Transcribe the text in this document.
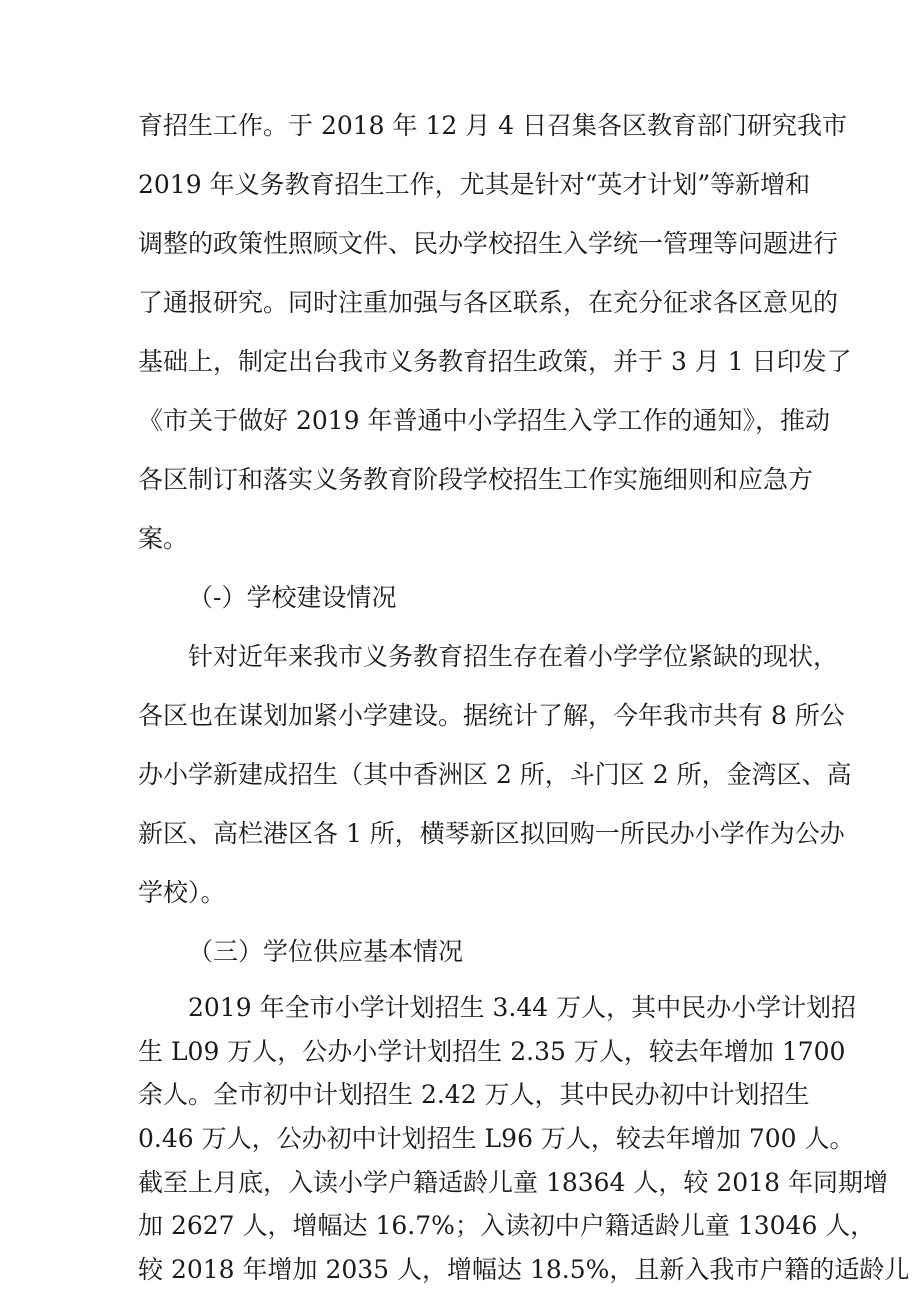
育招生工作。于 2018 年 12 月 4 日召集各区教育部门研究我市
2019 年义务教育招生工作，尤其是针对“英才计划”等新增和
调整的政策性照顾文件、民办学校招生入学统一管理等问题进行
了通报研究。同时注重加强与各区联系，在充分征求各区意见的
基础上，制定出台我市义务教育招生政策，并于 3 月 1 日印发了
《市关于做好 2019 年普通中小学招生入学工作的通知》，推动
各区制订和落实义务教育阶段学校招生工作实施细则和应急方
案。
（-）学校建设情况
针对近年来我市义务教育招生存在着小学学位紧缺的现状，
各区也在谋划加紧小学建设。据统计了解，今年我市共有 8 所公
办小学新建成招生（其中香洲区 2 所，斗门区 2 所，金湾区、高
新区、高栏港区各 1 所，横琴新区拟回购一所民办小学作为公办
学校）。
（三）学位供应基本情况
2019 年全市小学计划招生 3.44 万人，其中民办小学计划招
生 L09 万人，公办小学计划招生 2.35 万人，较去年增加 1700
余人。全市初中计划招生 2.42 万人，其中民办初中计划招生
0.46 万人，公办初中计划招生 L96 万人，较去年增加 700 人。
截至上月底，入读小学户籍适龄儿童 18364 人，较 2018 年同期增
加 2627 人，增幅达 16.7%；入读初中户籍适龄儿童 13046 人，
较 2018 年增加 2035 人，增幅达 18.5%，且新入我市户籍的适龄儿
